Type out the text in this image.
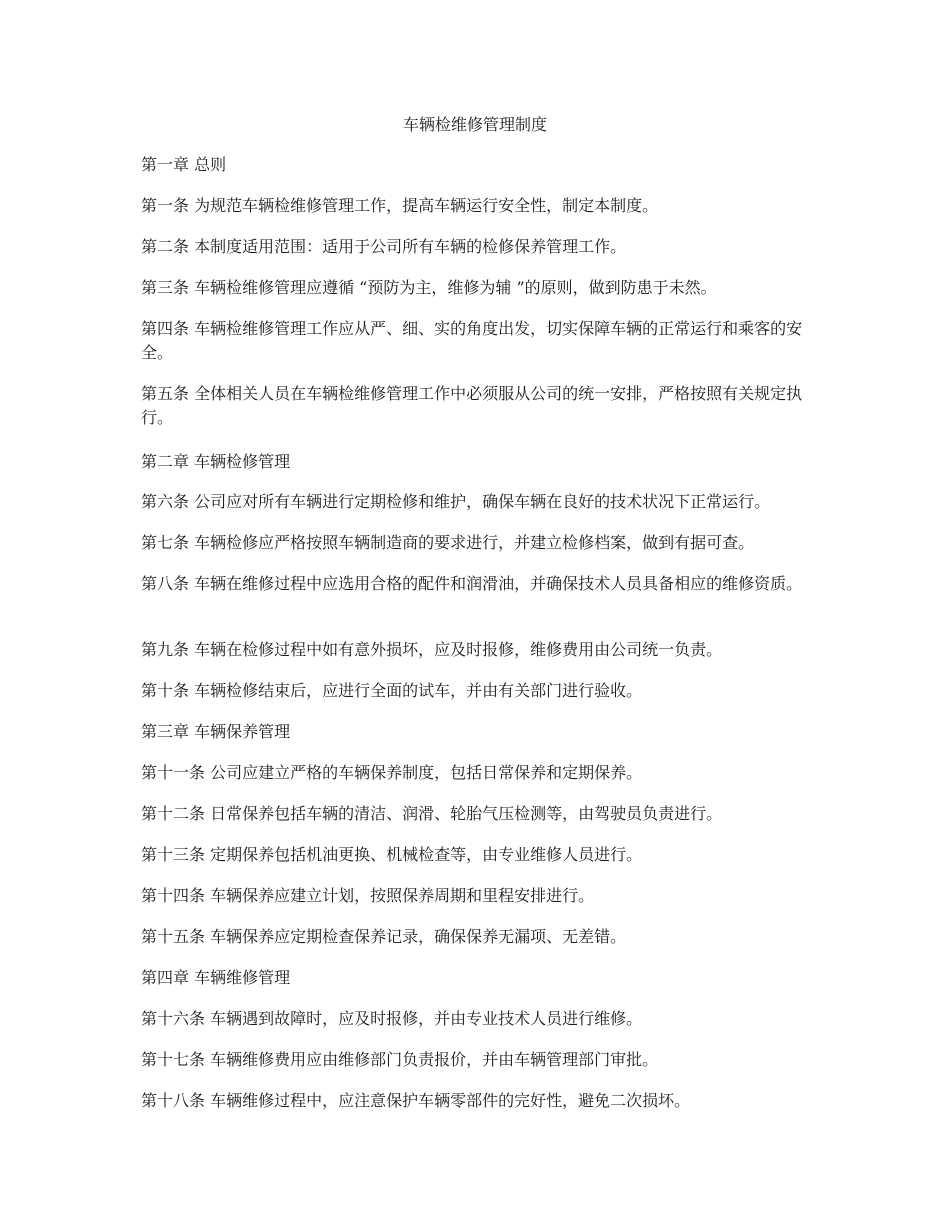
车辆检维修管理制度

第一章 总则

第一条 为规范车辆检维修管理工作，提高车辆运行安全性，制定本制度。

第二条 本制度适用范围：适用于公司所有车辆的检修保养管理工作。

第三条 车辆检维修管理应遵循 “预防为主，维修为辅 ”的原则，做到防患于未然。

第四条 车辆检维修管理工作应从严、细、实的角度出发，切实保障车辆的正常运行和乘客的安全。

第五条 全体相关人员在车辆检维修管理工作中必须服从公司的统一安排，严格按照有关规定执行。

第二章 车辆检修管理

第六条 公司应对所有车辆进行定期检修和维护，确保车辆在良好的技术状况下正常运行。

第七条 车辆检修应严格按照车辆制造商的要求进行，并建立检修档案，做到有据可查。

第八条 车辆在维修过程中应选用合格的配件和润滑油，并确保技术人员具备相应的维修资质。

第九条 车辆在检修过程中如有意外损坏，应及时报修，维修费用由公司统一负责。

第十条 车辆检修结束后，应进行全面的试车，并由有关部门进行验收。

第三章 车辆保养管理

第十一条 公司应建立严格的车辆保养制度，包括日常保养和定期保养。

第十二条 日常保养包括车辆的清洁、润滑、轮胎气压检测等，由驾驶员负责进行。

第十三条 定期保养包括机油更换、机械检查等，由专业维修人员进行。

第十四条 车辆保养应建立计划，按照保养周期和里程安排进行。

第十五条 车辆保养应定期检查保养记录，确保保养无漏项、无差错。

第四章 车辆维修管理

第十六条 车辆遇到故障时，应及时报修，并由专业技术人员进行维修。

第十七条 车辆维修费用应由维修部门负责报价，并由车辆管理部门审批。

第十八条 车辆维修过程中，应注意保护车辆零部件的完好性，避免二次损坏。
